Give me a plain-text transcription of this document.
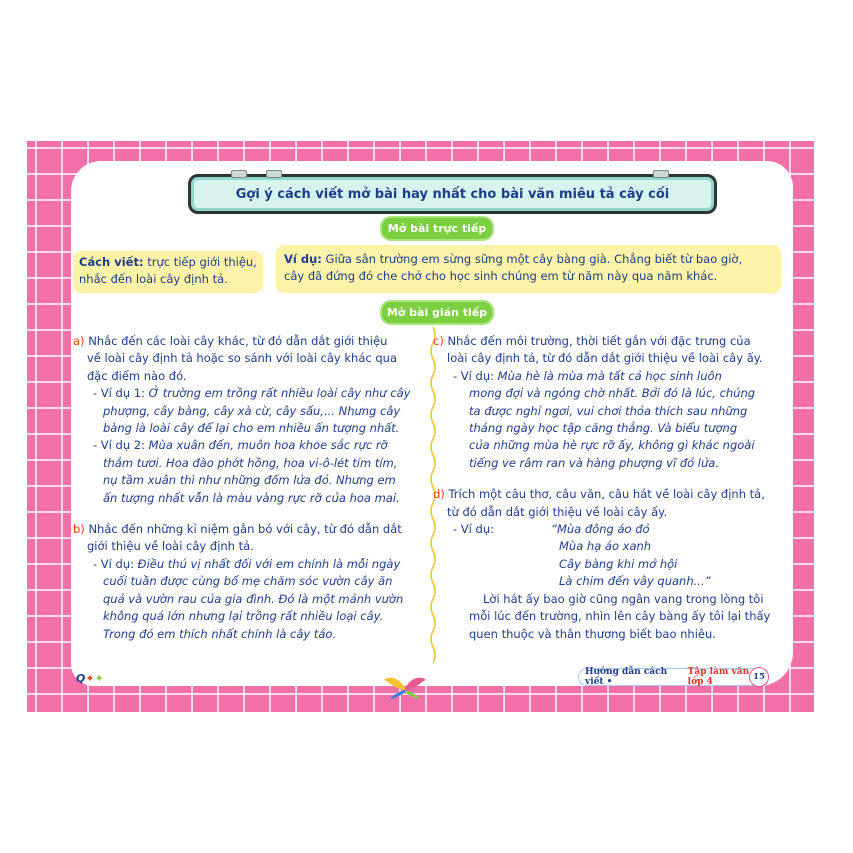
Gợi ý cách viết mở bài hay nhất cho bài văn miêu tả cây cối
Mở bài trực tiếp
Cách viết: trực tiếp giới thiệu,
nhắc đến loài cây định tả.
Ví dụ: Giữa sân trường em sừng sững một cây bàng già. Chẳng biết từ bao giờ,
cây đã đứng đó che chở cho học sinh chúng em từ năm này qua năm khác.
Mở bài gián tiếp

a) Nhắc đến các loài cây khác, từ đó dẫn dắt giới thiệu

về loài cây định tả hoặc so sánh với loài cây khác qua

đặc điểm nào đó.

- Ví dụ 1: Ở trường em trồng rất nhiều loài cây như cây

phượng, cây bàng, cây xà cừ, cây sấu,... Nhưng cây

bàng là loài cây để lại cho em nhiều ấn tượng nhất.

- Ví dụ 2: Mùa xuân đến, muôn hoa khoe sắc rực rỡ

thắm tươi. Hoa đào phớt hồng, hoa vi-ô-lét tím tím,

nụ tầm xuân thì như những đốm lửa đỏ. Nhưng em

ấn tượng nhất vẫn là màu vàng rực rỡ của hoa mai.

b) Nhắc đến những kỉ niệm gắn bó với cây, từ đó dẫn dắt

giới thiệu về loài cây định tả.

- Ví dụ: Điều thú vị nhất đối với em chính là mỗi ngày

cuối tuần được cùng bố mẹ chăm sóc vườn cây ăn

quả và vườn rau của gia đình. Đó là một mảnh vườn

không quá lớn nhưng lại trồng rất nhiều loại cây.

Trong đó em thích nhất chính là cây táo.

c) Nhắc đến môi trường, thời tiết gắn với đặc trưng của

loài cây định tả, từ đó dẫn dắt giới thiệu về loài cây ấy.

- Ví dụ: Mùa hè là mùa mà tất cả học sinh luôn

mong đợi và ngóng chờ nhất. Bởi đó là lúc, chúng

ta được nghỉ ngơi, vui chơi thỏa thích sau những

tháng ngày học tập căng thẳng. Và biểu tượng

của những mùa hè rực rỡ ấy, không gì khác ngoài

tiếng ve râm ran và hàng phượng vĩ đỏ lửa.

d) Trích một câu thơ, câu văn, câu hát về loài cây định tả,

từ đó dẫn dắt giới thiệu về loài cây ấy.

- Ví dụ:	“Mùa đông áo đỏ

Mùa hạ áo xanh

Cây bàng khi mở hội

Là chim đến vây quanh...”

Lời hát ấy bao giờ cũng ngân vang trong lòng tôi

mỗi lúc đến trường, nhìn lên cây bàng ấy tôi lại thấy

quen thuộc và thân thương biết bao nhiêu.

Q✦✦	Hướng dẫn cách viết •
Tập làm văn lớp 4	15
